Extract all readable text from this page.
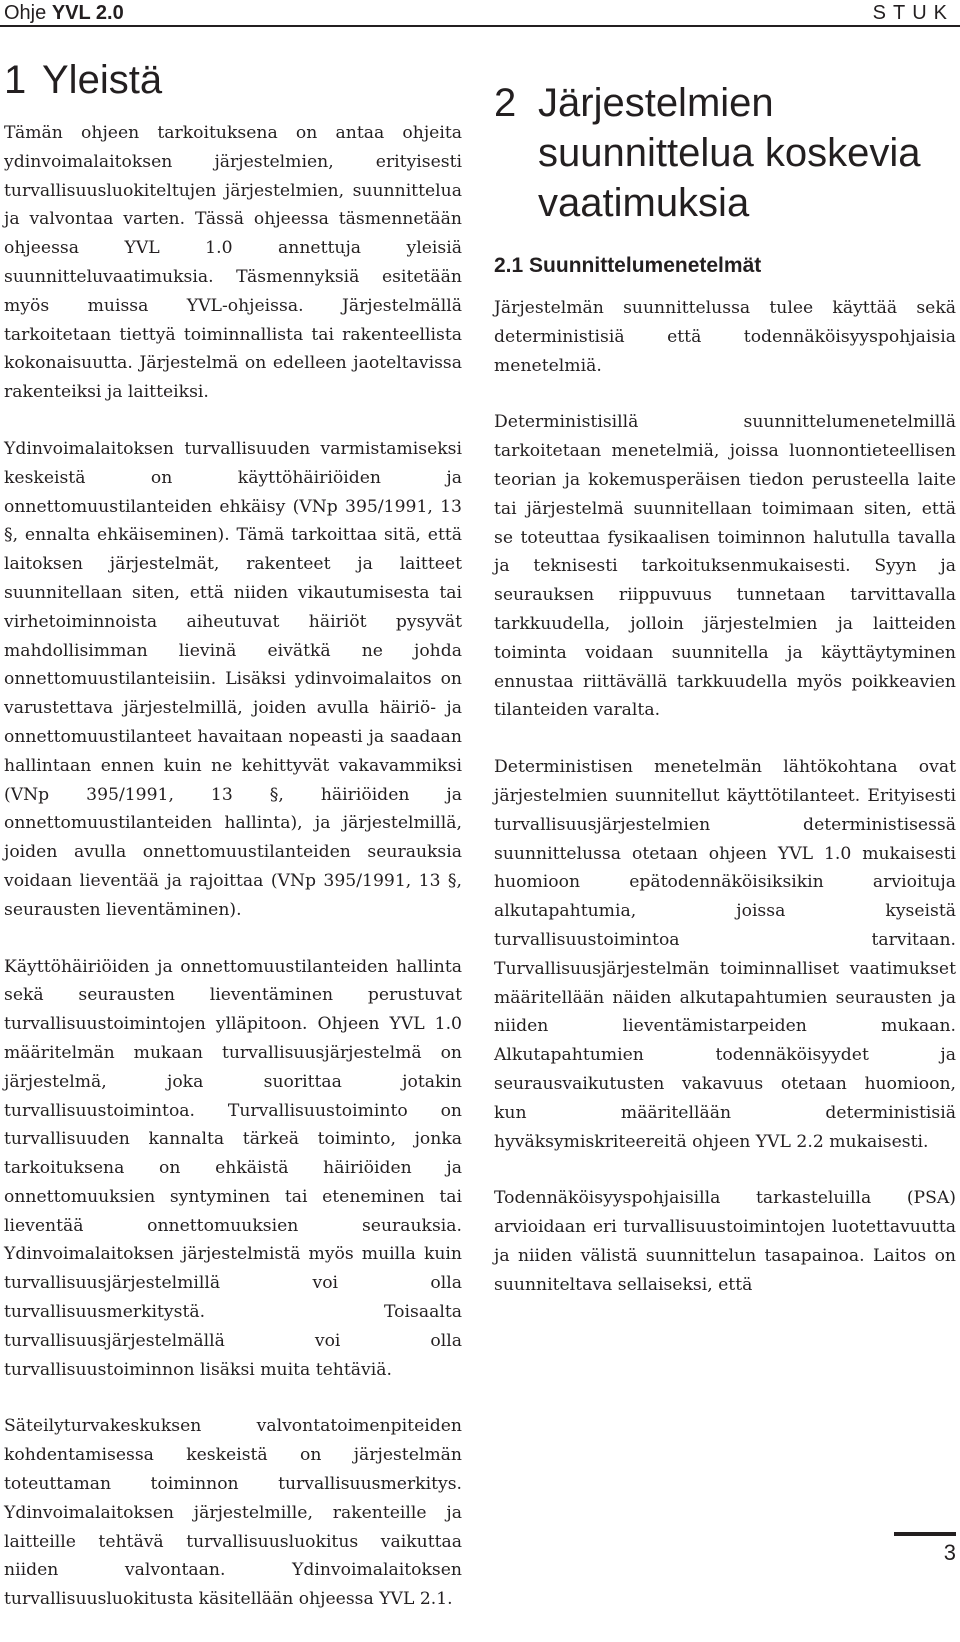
Ohje YVL 2.0	STUK
1 Yleistä

Tämän ohjeen tarkoituksena on antaa ohjeita ydinvoimalaitoksen järjestelmien, erityisesti turvallisuusluokiteltujen järjestelmien, suunnittelua ja valvontaa varten. Tässä ohjeessa täsmennetään ohjeessa YVL 1.0 annettuja yleisiä suunnitteluvaatimuksia. Täsmennyksiä esitetään myös muissa YVL-ohjeissa. Järjestelmällä tarkoitetaan tiettyä toiminnallista tai rakenteellista kokonaisuutta. Järjestelmä on edelleen jaoteltavissa rakenteiksi ja laitteiksi.

Ydinvoimalaitoksen turvallisuuden varmistamiseksi keskeistä on käyttöhäiriöiden ja onnettomuustilanteiden ehkäisy (VNp 395/1991, 13 §, ennalta ehkäiseminen). Tämä tarkoittaa sitä, että laitoksen järjestelmät, rakenteet ja laitteet suunnitellaan siten, että niiden vikautumisesta tai virhetoiminnoista aiheutuvat häiriöt pysyvät mahdollisimman lievinä eivätkä ne johda onnettomuustilanteisiin. Lisäksi ydinvoimalaitos on varustettava järjestelmillä, joiden avulla häiriö- ja onnettomuustilanteet havaitaan nopeasti ja saadaan hallintaan ennen kuin ne kehittyvät vakavammiksi (VNp 395/1991, 13 §, häiriöiden ja onnettomuustilanteiden hallinta), ja järjestelmillä, joiden avulla onnettomuustilanteiden seurauksia voidaan lieventää ja rajoittaa (VNp 395/1991, 13 §, seurausten lieventäminen).

Käyttöhäiriöiden ja onnettomuustilanteiden hallinta sekä seurausten lieventäminen perustuvat turvallisuustoimintojen ylläpitoon. Ohjeen YVL 1.0 määritelmän mukaan turvallisuusjärjestelmä on järjestelmä, joka suorittaa jotakin turvallisuustoimintoa. Turvallisuustoiminto on turvallisuuden kannalta tärkeä toiminto, jonka tarkoituksena on ehkäistä häiriöiden ja onnettomuuksien syntyminen tai eteneminen tai lieventää onnettomuuksien seurauksia. Ydinvoimalaitoksen järjestelmistä myös muilla kuin turvallisuusjärjestelmillä voi olla turvallisuusmerkitystä. Toisaalta turvallisuusjärjestelmällä voi olla turvallisuustoiminnon lisäksi muita tehtäviä.

Säteilyturvakeskuksen valvontatoimenpiteiden kohdentamisessa keskeistä on järjestelmän toteuttaman toiminnon turvallisuusmerkitys. Ydinvoimalaitoksen järjestelmille, rakenteille ja laitteille tehtävä turvallisuusluokitus vaikuttaa niiden valvontaan. Ydinvoimalaitoksen turvallisuusluokitusta käsitellään ohjeessa YVL 2.1.

2 Järjestelmien
suunnittelua koskevia
vaatimuksia
2.1 Suunnittelumenetelmät

Järjestelmän suunnittelussa tulee käyttää sekä deterministisiä että todennäköisyyspohjaisia menetelmiä.

Deterministisillä suunnittelumenetelmillä tarkoitetaan menetelmiä, joissa luonnontieteellisen teorian ja kokemusperäisen tiedon perusteella laite tai järjestelmä suunnitellaan toimimaan siten, että se toteuttaa fysikaalisen toiminnon halutulla tavalla ja teknisesti tarkoituksenmukaisesti. Syyn ja seurauksen riippuvuus tunnetaan tarvittavalla tarkkuudella, jolloin järjestelmien ja laitteiden toiminta voidaan suunnitella ja käyttäytyminen ennustaa riittävällä tarkkuudella myös poikkeavien tilanteiden varalta.

Deterministisen menetelmän lähtökohtana ovat järjestelmien suunnitellut käyttötilanteet. Erityisesti turvallisuusjärjestelmien deterministisessä suunnittelussa otetaan ohjeen YVL 1.0 mukaisesti huomioon epätodennäköisiksikin arvioituja alkutapahtumia, joissa kyseistä turvallisuustoimintoa tarvitaan. Turvallisuusjärjestelmän toiminnalliset vaatimukset määritellään näiden alkutapahtumien seurausten ja niiden lieventämistarpeiden mukaan. Alkutapahtumien todennäköisyydet ja seurausvaikutusten vakavuus otetaan huomioon, kun määritellään deterministisiä hyväksymiskriteereitä ohjeen YVL 2.2 mukaisesti.

Todennäköisyyspohjaisilla tarkasteluilla (PSA) arvioidaan eri turvallisuustoimintojen luotettavuutta ja niiden välistä suunnittelun tasapainoa. Laitos on suunniteltava sellaiseksi, että

3
